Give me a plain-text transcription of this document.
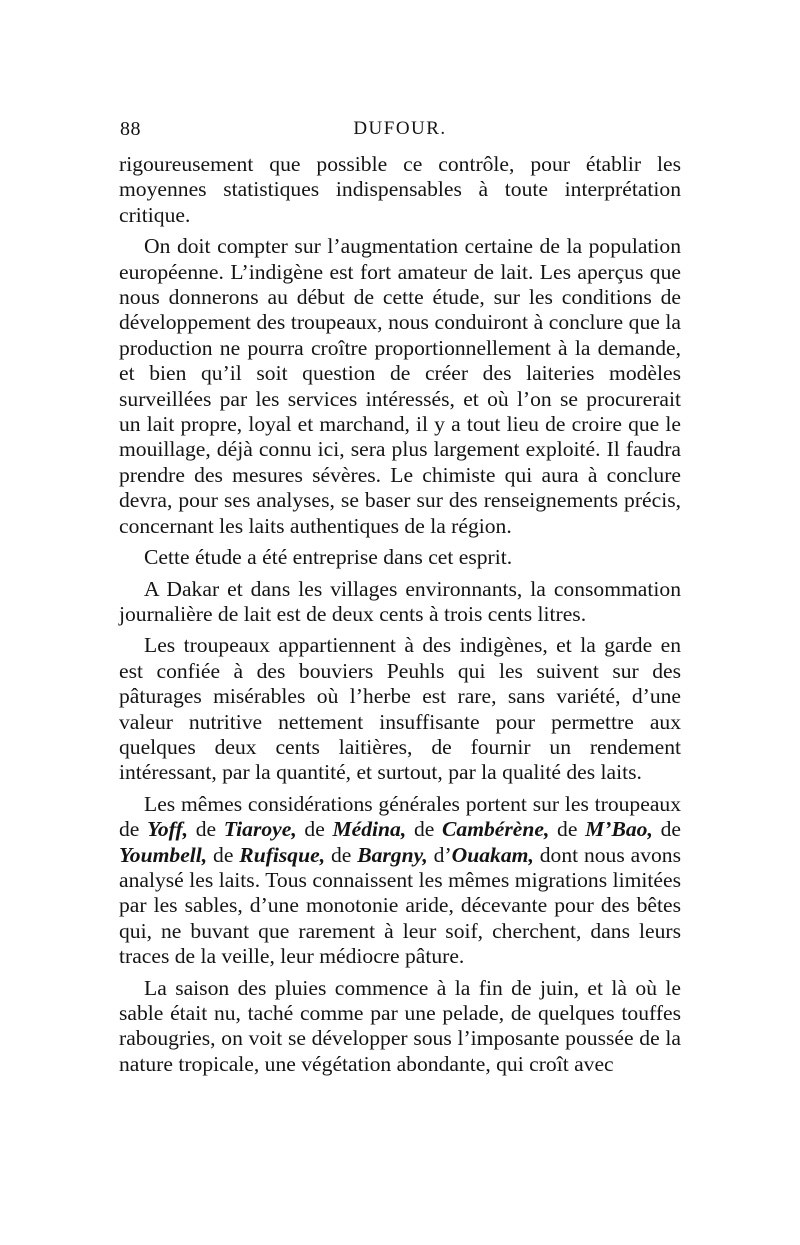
88	DUFOUR.

rigoureusement que possible ce contrôle, pour établir les moyennes statistiques indispensables à toute interprétation critique.

On doit compter sur l’augmentation certaine de la population européenne. L’indigène est fort amateur de lait. Les aperçus que nous donnerons au début de cette étude, sur les conditions de développement des troupeaux, nous conduiront à conclure que la production ne pourra croître proportionnellement à la demande, et bien qu’il soit question de créer des laiteries modèles surveillées par les services intéressés, et où l’on se procurerait un lait propre, loyal et marchand, il y a tout lieu de croire que le mouillage, déjà connu ici, sera plus largement exploité. Il faudra prendre des mesures sévères. Le chimiste qui aura à conclure devra, pour ses analyses, se baser sur des renseignements précis, concernant les laits authentiques de la région.

Cette étude a été entreprise dans cet esprit.

A Dakar et dans les villages environnants, la consommation journalière de lait est de deux cents à trois cents litres.

Les troupeaux appartiennent à des indigènes, et la garde en est confiée à des bouviers Peuhls qui les suivent sur des pâturages misérables où l’herbe est rare, sans variété, d’une valeur nutritive nettement insuffisante pour permettre aux quelques deux cents laitières, de fournir un rendement intéressant, par la quantité, et surtout, par la qualité des laits.

Les mêmes considérations générales portent sur les troupeaux de Yoff, de Tiaroye, de Médina, de Cambérène, de M’Bao, de Youmbell, de Rufisque, de Bargny, d’Ouakam, dont nous avons analysé les laits. Tous connaissent les mêmes migrations limitées par les sables, d’une monotonie aride, décevante pour des bêtes qui, ne buvant que rarement à leur soif, cherchent, dans leurs traces de la veille, leur médiocre pâture.

La saison des pluies commence à la fin de juin, et là où le sable était nu, taché comme par une pelade, de quelques touffes rabougries, on voit se développer sous l’imposante poussée de la nature tropicale, une végétation abondante, qui croît avec
